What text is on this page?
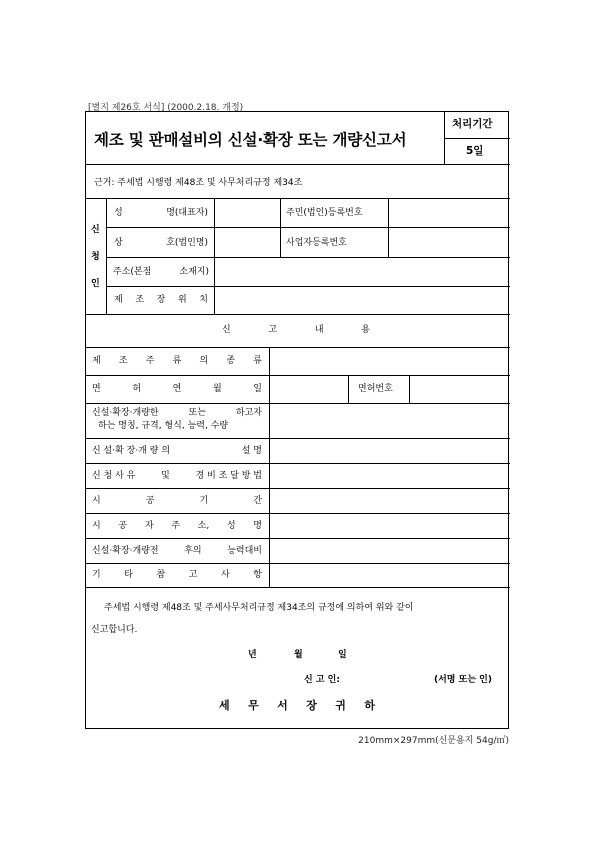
[별지 제26호 서식] (2000.2.18. 개정)
제조 및 판매설비의 신설·확장 또는 개량신고서
처리기간
5일
근거: 주세법 시행령 제48조 및 사무처리규정 제34조
신
청
인
성	명(대표자)	주민(법인)등록번호
상	호(법인명)	사업자등록번호
주소(본점	소재지)
제 조 장 위 치
신	고	내	용
제 조 주 류 의 종 류
면	허	연	월	일	면허번호
신설·확장·개량한	또는	하고자
하는 명칭, 규격, 형식, 능력, 수량
신 설·확 장·개 량 의	설 명
신 청 사 유	및	경 비 조 달 방 법
시	공	기	간
시 공 자 주 소, 성 명
신설·확장·개량전	후의	능력대비
기	타	참	고	사	항
주세법 시행령 제48조 및 주세사무처리규정 제34조의 규정에 의하여 위와 같이
신고합니다.
년	월	일
신 고 인:	(서명 또는 인)
세 무 서 장 귀 하
210mm×297mm(신문용지 54g/㎡)
